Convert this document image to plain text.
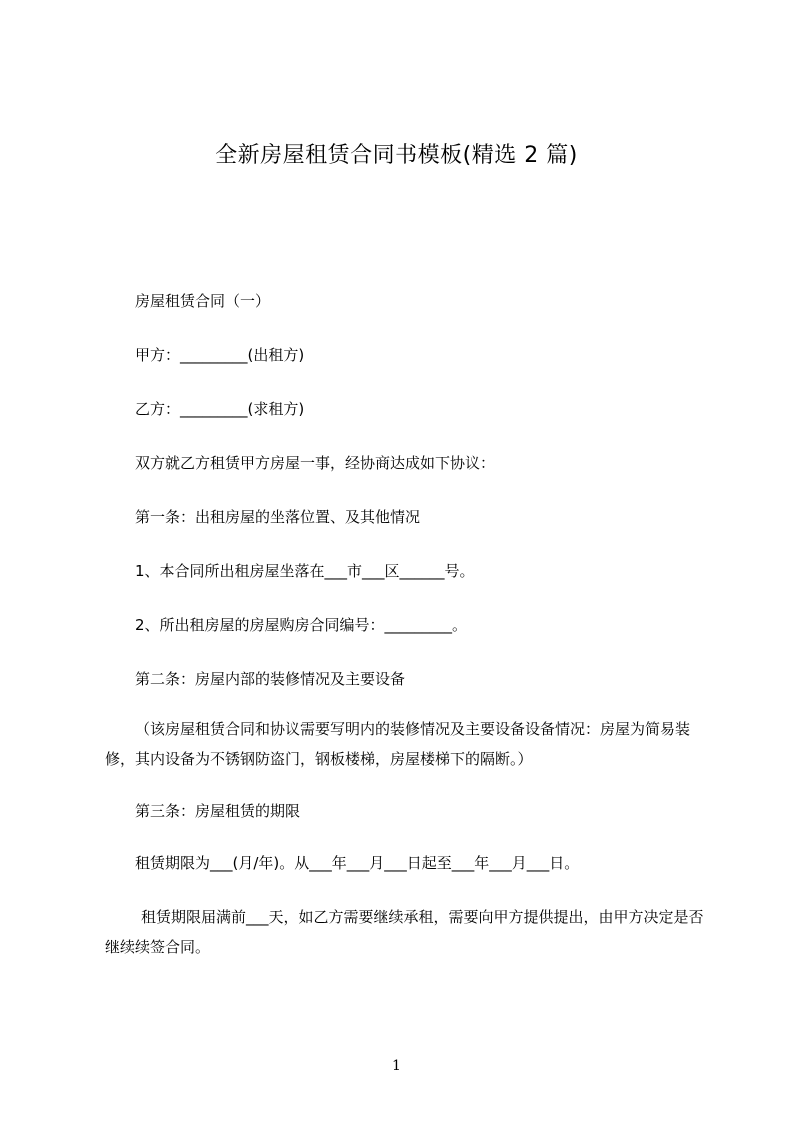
全新房屋租赁合同书模板(精选 2 篇)
房屋租赁合同（一）
甲方：_________(出租方)
乙方：_________(求租方)
双方就乙方租赁甲方房屋一事，经协商达成如下协议：
第一条：出租房屋的坐落位置、及其他情况
1、本合同所出租房屋坐落在___市___区______号。
2、所出租房屋的房屋购房合同编号：_________。
第二条：房屋内部的装修情况及主要设备
（该房屋租赁合同和协议需要写明内的装修情况及主要设备设备情况：房屋为简易装修，其内设备为不锈钢防盗门，钢板楼梯，房屋楼梯下的隔断。）
第三条：房屋租赁的期限
租赁期限为___(月/年)。从___年___月___日起至___年___月___日。
租赁期限届满前___天，如乙方需要继续承租，需要向甲方提供提出，由甲方决定是否继续续签合同。
1
